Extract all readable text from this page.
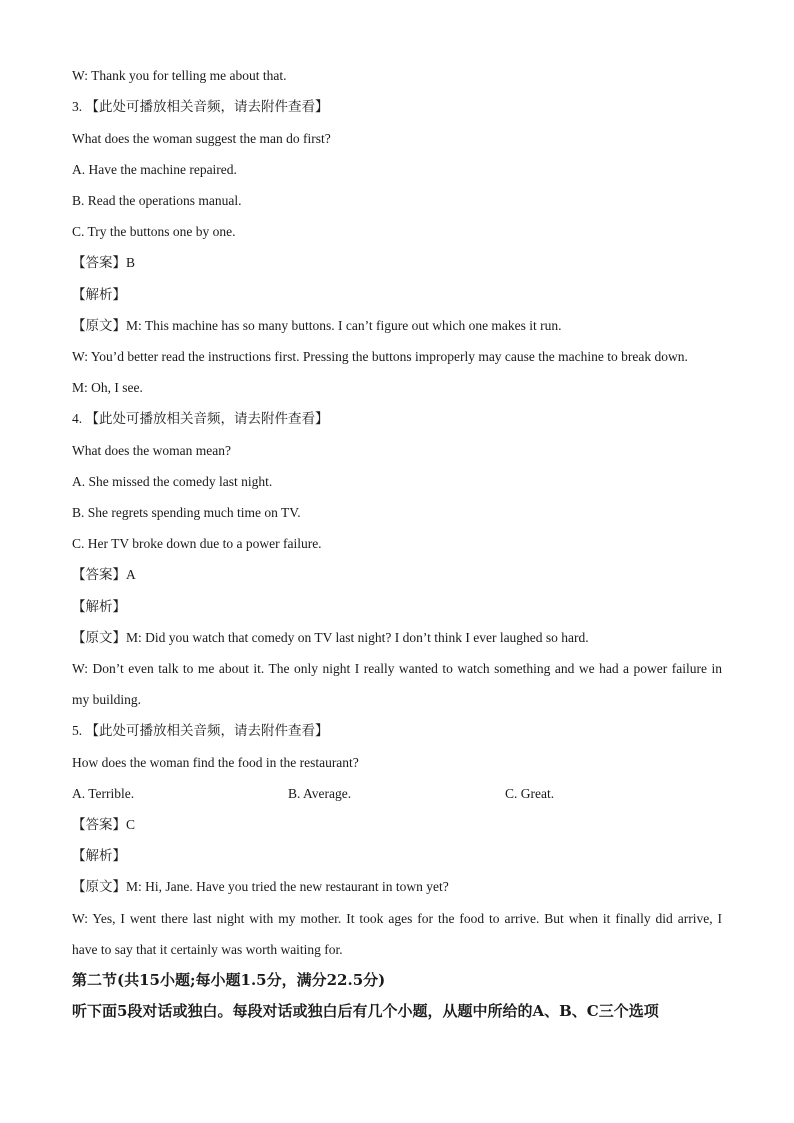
W: Thank you for telling me about that.
3. 【此处可播放相关音频，请去附件查看】
What does the woman suggest the man do first?
A. Have the machine repaired.
B. Read the operations manual.
C. Try the buttons one by one.
【答案】B
【解析】
【原文】M: This machine has so many buttons. I can’t figure out which one makes it run.
W: You’d better read the instructions first. Pressing the buttons improperly may cause the machine to break down.
M: Oh, I see.
4. 【此处可播放相关音频，请去附件查看】
What does the woman mean?
A. She missed the comedy last night.
B. She regrets spending much time on TV.
C. Her TV broke down due to a power failure.
【答案】A
【解析】
【原文】M: Did you watch that comedy on TV last night? I don’t think I ever laughed so hard.
W: Don’t even talk to me about it. The only night I really wanted to watch something and we had a power failure in
my building.
5. 【此处可播放相关音频，请去附件查看】
How does the woman find the food in the restaurant?
A. Terrible.	B. Average.	C. Great.
【答案】C
【解析】
【原文】M: Hi, Jane. Have you tried the new restaurant in town yet?
W: Yes, I went there last night with my mother. It took ages for the food to arrive. But when it finally did arrive, I
have to say that it certainly was worth waiting for.
第二节(共15小题;每小题1.5分，满分22.5分)
听下面5段对话或独白。每段对话或独白后有几个小题，从题中所给的A、B、C三个选项
